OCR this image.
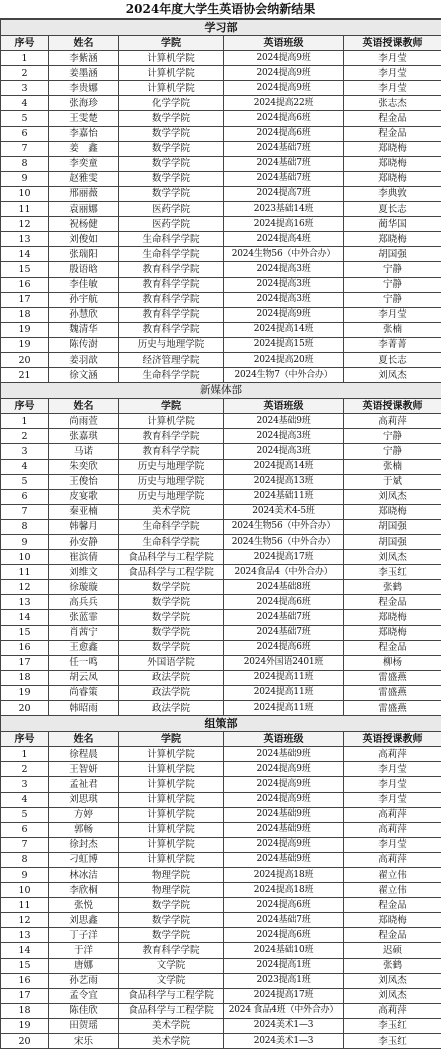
2024年度大学生英语协会纳新结果
学习部				
序号	姓名	学院	英语班级	英语授课教师
1	李紫涵	计算机学院	2024提高9班	李月莹
2	姜墨涵	计算机学院	2024提高9班	李月莹
3	李贵娜	计算机学院	2024提高9班	李月莹
4	张海珍	化学学院	2024提高22班	张志杰
5	王雯楚	数学学院	2024提高6班	程金品
6	李嘉怡	数学学院	2024提高6班	程金品
7	姜　鑫	数学学院	2024基础7班	郑晓梅
8	李奕童	数学学院	2024基础7班	郑晓梅
9	赵雅雯	数学学院	2024基础7班	郑晓梅
10	邢丽薇	数学学院	2024提高7班	李典敦
11	袁丽娜	医药学院	2023基础14班	夏长志
12	祝杨健	医药学院	2024提高16班	蔺华国
13	刘俊如	生命科学学院	2024提高4班	郑晓梅
14	张瑞阳	生命科学学院	2024生物56（中外合办）	胡国强
15	殷语晗	教育科学学院	2024提高3班	宁静
16	李佳敏	教育科学学院	2024提高3班	宁静
17	孙宇航	教育科学学院	2024提高3班	宁静
18	孙慧欣	教育科学学院	2024提高9班	李月莹
19	魏清华	教育科学学院	2024提高14班	张楠
19	陈传澍	历史与地理学院	2024提高15班	李菁菁
20	姜羽歆	经济管理学院	2024提高20班	夏长志
21	徐文涵	生命科学学院	2024生物7（中外合办）	刘凤杰
新媒体部				
序号	姓名	学院	英语班级	英语授课教师
1	尚雨萱	计算机学院	2024基础9班	高莉萍
2	张嘉琪	教育科学学院	2024提高3班	宁静
3	马诺	教育科学学院	2024提高3班	宁静
4	朱奕欣	历史与地理学院	2024提高14班	张楠
5	王俊怡	历史与地理学院	2024提高13班	于斌
6	皮宴歌	历史与地理学院	2024基础11班	刘凤杰
7	秦亚楠	美术学院	2024美术4-5班	郑晓梅
8	韩馨月	生命科学学院	2024生物56（中外合办）	胡国强
9	孙安静	生命科学学院	2024生物56（中外合办）	胡国强
10	崔滨倩	食品科学与工程学院	2024提高17班	刘凤杰
11	刘维文	食品科学与工程学院	2024食品4（中外合办）	李玉红
12	徐璇璇	数学学院	2024基础8班	张鹤
13	高兵兵	数学学院	2024提高6班	程金品
14	张蓝霏	数学学院	2024基础7班	郑晓梅
15	肖茜宁	数学学院	2024基础7班	郑晓梅
16	王愈鑫	数学学院	2024提高6班	程金品
17	任一鸣	外国语学院	2024外国语2401班	柳杨
18	胡云凤	政法学院	2024提高11班	雷盛燕
19	尚睿策	政法学院	2024提高11班	雷盛燕
20	韩昭雨	政法学院	2024提高11班	雷盛燕
组策部				
序号	姓名	学院	英语班级	英语授课教师
1	徐程晨	计算机学院	2024基础9班	高莉萍
2	王智妍	计算机学院	2024提高9班	李月莹
3	孟祉君	计算机学院	2024提高9班	李月莹
4	刘思琪	计算机学院	2024提高9班	李月莹
5	方婷	计算机学院	2024基础9班	高莉萍
6	郭畅	计算机学院	2024基础9班	高莉萍
7	徐封杰	计算机学院	2024提高9班	李月莹
8	刁虹博	计算机学院	2024基础9班	高莉萍
9	林冰洁	物理学院	2024提高18班	翟立伟
10	李欣桐	物理学院	2024提高18班	翟立伟
11	张悦	数学学院	2024提高6班	程金品
12	刘思鑫	数学学院	2024基础7班	郑晓梅
13	丁子洋	数学学院	2024提高6班	程金品
14	于洋	教育科学学院	2024基础10班	迟硕
15	唐娜	文学院	2024提高1班	张鹤
16	孙艺雨	文学院	2023提高1班	刘凤杰
17	孟令宜	食品科学与工程学院	2024提高17班	刘凤杰
18	陈佳欣	食品科学与工程学院	2024 食品4班（中外合办）	高莉萍
19	田贺瑶	美术学院	2024美术1—3	李玉红
20	宋乐	美术学院	2024美术1—3	李玉红
